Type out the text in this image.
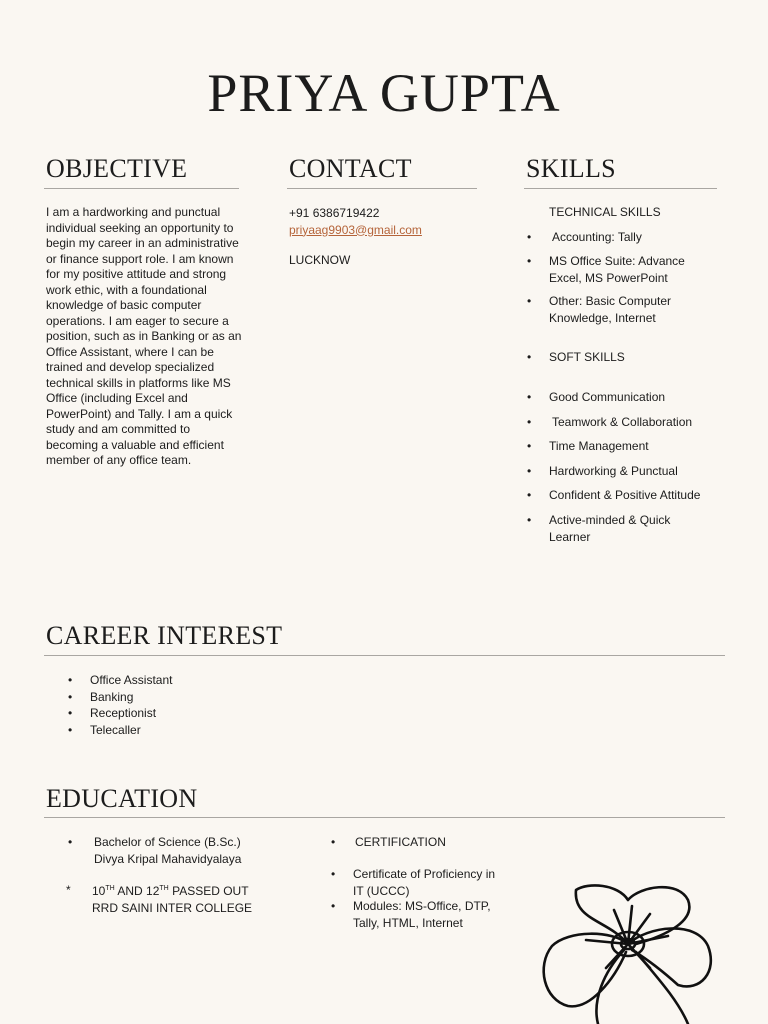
PRIYA GUPTA
OBJECTIVE	CONTACT	SKILLS

I am a hardworking and punctual individual seeking an opportunity to begin my career in an administrative or finance support role. I am known for my positive attitude and strong work ethic, with a foundational knowledge of basic computer operations. I am eager to secure a position, such as in Banking or as an Office Assistant, where I can be trained and develop specialized technical skills in platforms like MS Office (including Excel and PowerPoint) and Tally. I am a quick study and am committed to becoming a valuable and efficient member of any office team.

+91 6386719422
priyaag9903@gmail.com
LUCKNOW
TECHNICAL SKILLS
• Accounting: Tally
• MS Office Suite: Advance Excel, MS PowerPoint
• Other: Basic Computer Knowledge, Internet
• SOFT SKILLS
• Good Communication
• Teamwork & Collaboration
• Time Management
• Hardworking & Punctual
• Confident & Positive Attitude
• Active-minded & Quick Learner
CAREER INTEREST
• Office Assistant
• Banking
• Receptionist
• Telecaller
EDUCATION
• Bachelor of Science (B.Sc.)
Divya Kripal Mahavidyalaya
* 10TH AND 12TH PASSED OUT
RRD SAINI INTER COLLEGE
• CERTIFICATION
• Certificate of Proficiency in IT (UCCC)
• Modules: MS-Office, DTP, Tally, HTML, Internet
